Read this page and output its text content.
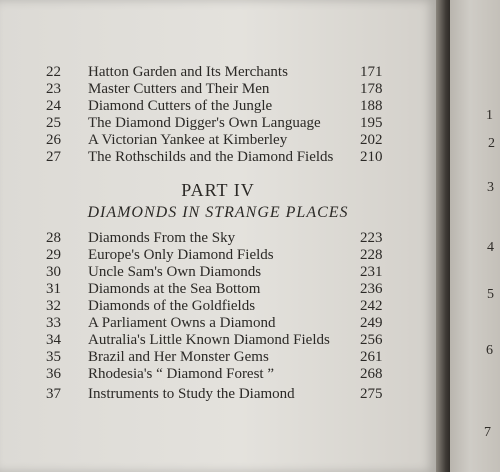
22 Hatton Garden and Its Merchants	171
23 Master Cutters and Their Men	178
24 Diamond Cutters of the Jungle	188
25 The Diamond Digger's Own Language	195
26 A Victorian Yankee at Kimberley	202
27 The Rothschilds and the Diamond Fields 210
PART IV
DIAMONDS IN STRANGE PLACES
28 Diamonds From the Sky	223
29 Europe's Only Diamond Fields	228
30 Uncle Sam's Own Diamonds	231
31 Diamonds at the Sea Bottom	236
32 Diamonds of the Goldfields	242
33 A Parliament Owns a Diamond	249
34 Autralia's Little Known Diamond Fields 256
35 Brazil and Her Monster Gems	261
36 Rhodesia's “ Diamond Forest ”	268
37 Instruments to Study the Diamond	275
1
2
3
4
5
6
7
